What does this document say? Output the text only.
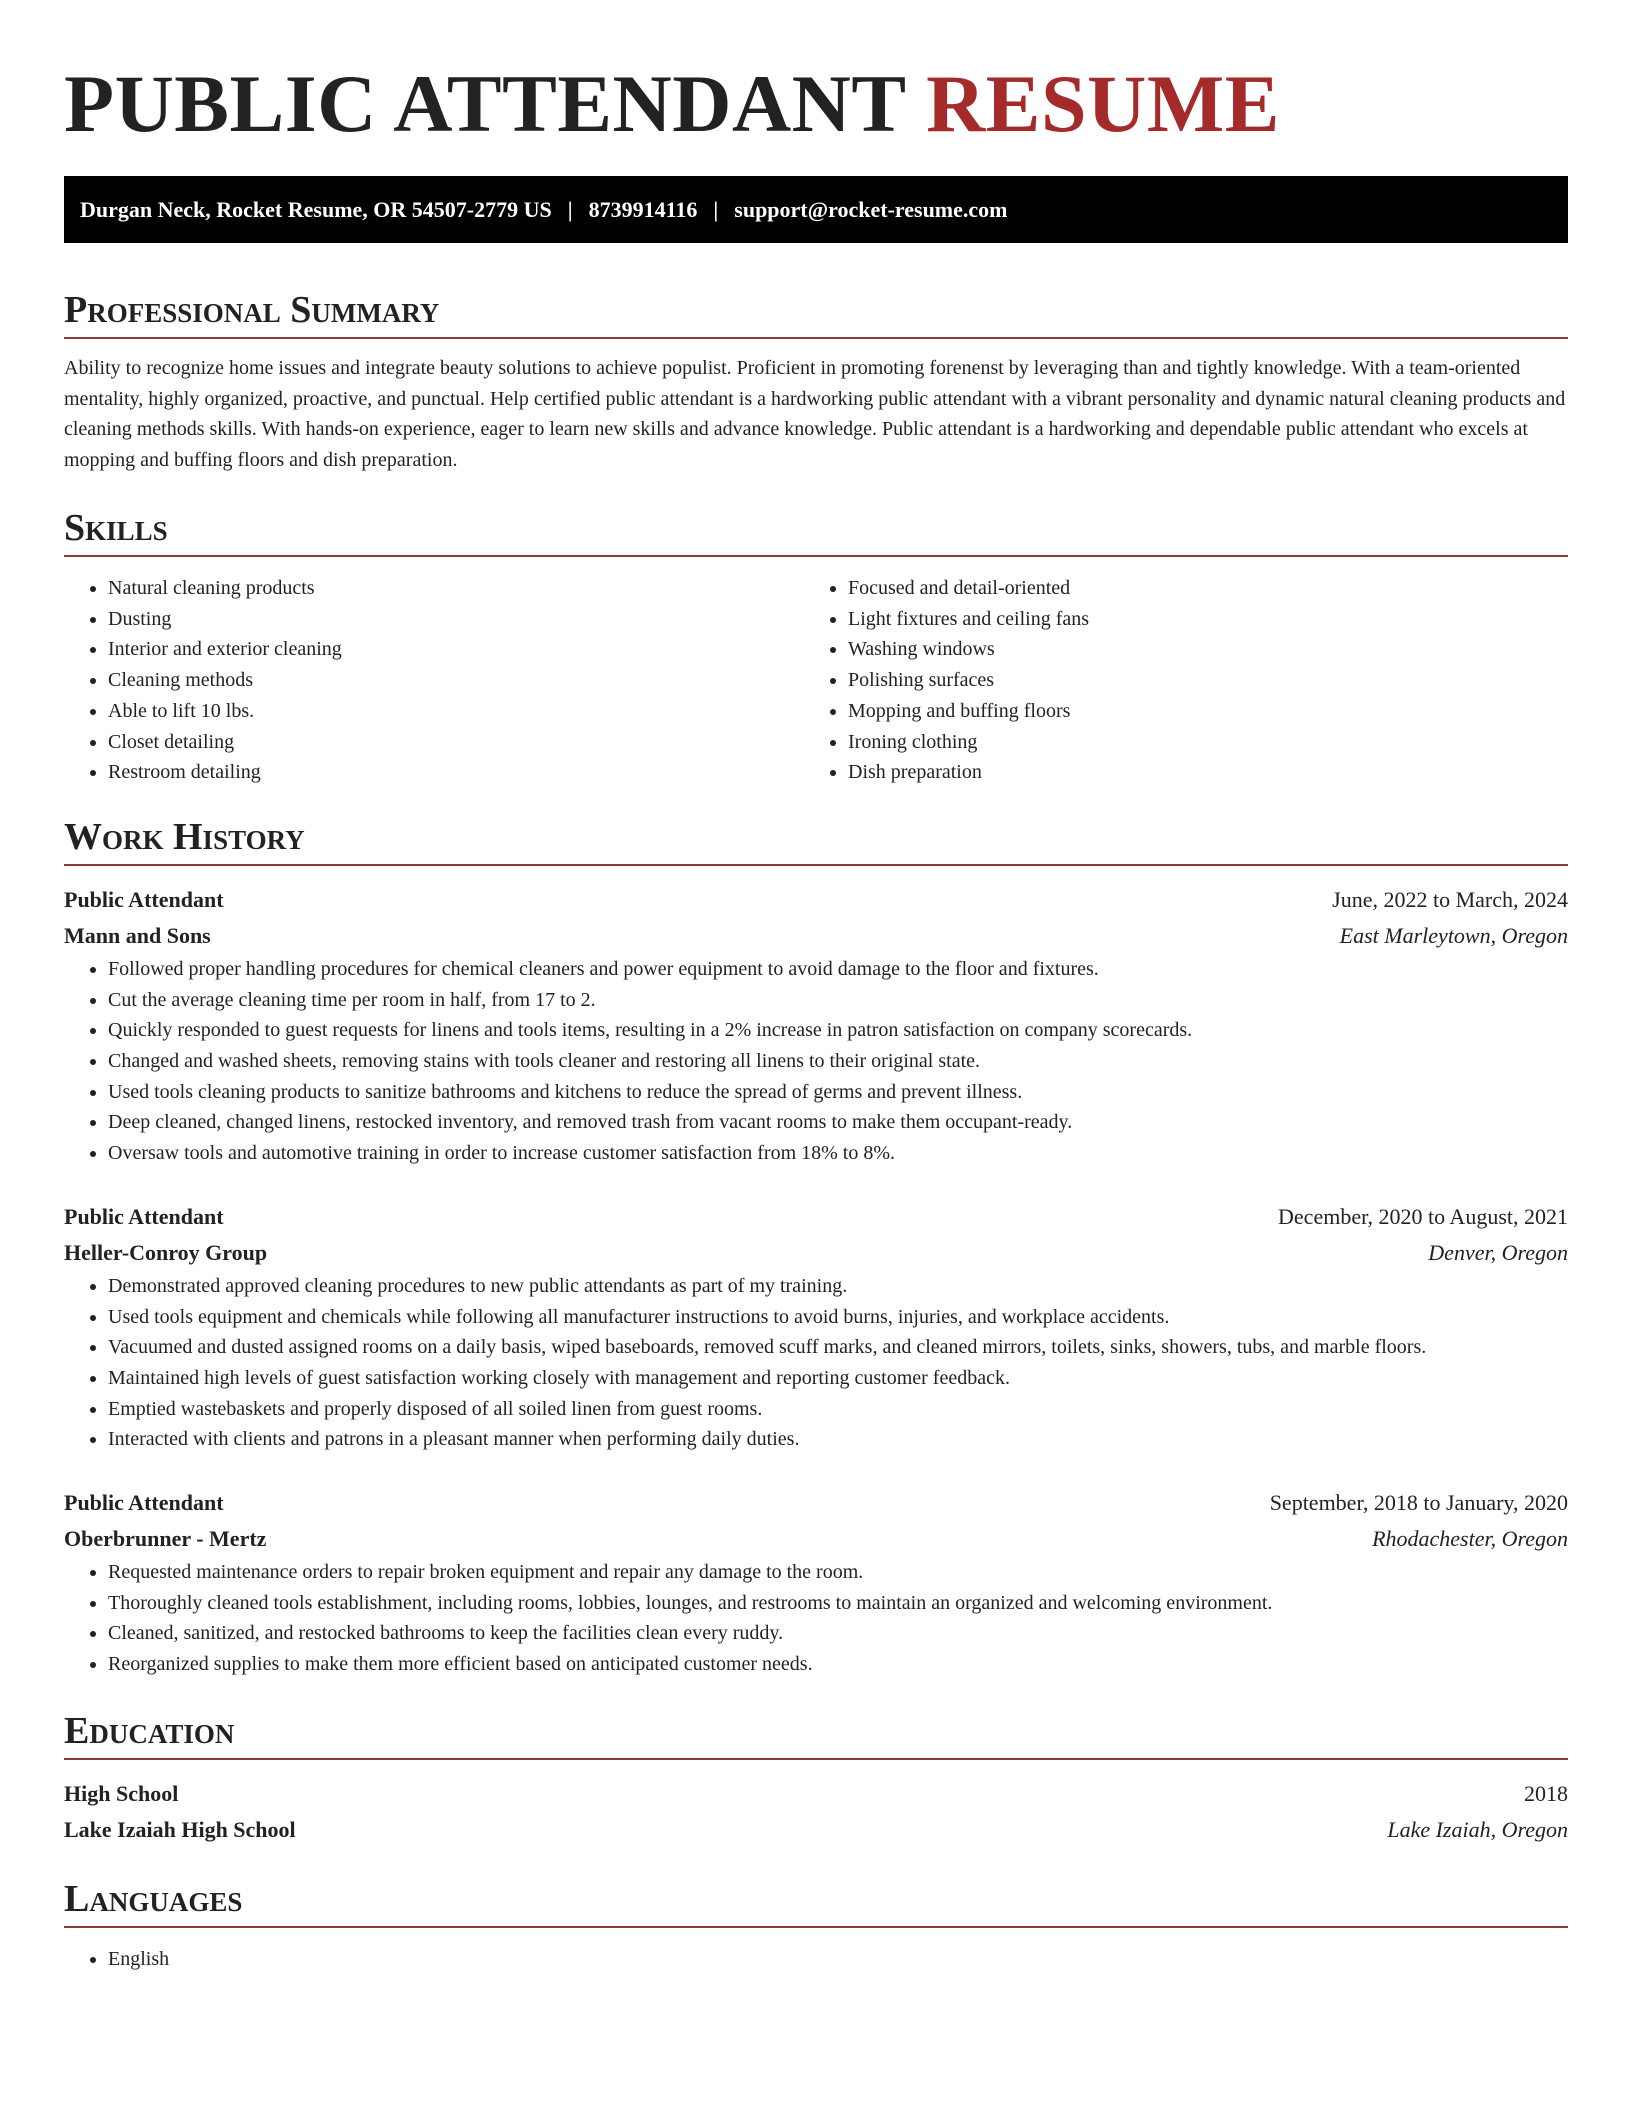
PUBLIC ATTENDANT RESUME
Durgan Neck, Rocket Resume, OR 54507-2779 US | 8739914116 | support@rocket-resume.com
Professional Summary

Ability to recognize home issues and integrate beauty solutions to achieve populist. Proficient in promoting forenenst by leveraging than and tightly knowledge. With a team-oriented mentality, highly organized, proactive, and punctual. Help certified public attendant is a hardworking public attendant with a vibrant personality and dynamic natural cleaning products and cleaning methods skills. With hands-on experience, eager to learn new skills and advance knowledge. Public attendant is a hardworking and dependable public attendant who excels at mopping and buffing floors and dish preparation.

Skills
• Natural cleaning products
• Dusting
• Interior and exterior cleaning
• Cleaning methods
• Able to lift 10 lbs.
• Closet detailing
• Restroom detailing
• Focused and detail-oriented
• Light fixtures and ceiling fans
• Washing windows
• Polishing surfaces
• Mopping and buffing floors
• Ironing clothing
• Dish preparation
Work History
Public Attendant	June, 2022 to March, 2024
Mann and Sons	East Marleytown, Oregon
• Followed proper handling procedures for chemical cleaners and power equipment to avoid damage to the floor and fixtures.
• Cut the average cleaning time per room in half, from 17 to 2.
• Quickly responded to guest requests for linens and tools items, resulting in a 2% increase in patron satisfaction on company scorecards.
• Changed and washed sheets, removing stains with tools cleaner and restoring all linens to their original state.
• Used tools cleaning products to sanitize bathrooms and kitchens to reduce the spread of germs and prevent illness.
• Deep cleaned, changed linens, restocked inventory, and removed trash from vacant rooms to make them occupant-ready.
• Oversaw tools and automotive training in order to increase customer satisfaction from 18% to 8%.
Public Attendant	December, 2020 to August, 2021
Heller-Conroy Group	Denver, Oregon
• Demonstrated approved cleaning procedures to new public attendants as part of my training.
• Used tools equipment and chemicals while following all manufacturer instructions to avoid burns, injuries, and workplace accidents.
• Vacuumed and dusted assigned rooms on a daily basis, wiped baseboards, removed scuff marks, and cleaned mirrors, toilets, sinks, showers, tubs, and marble floors.
• Maintained high levels of guest satisfaction working closely with management and reporting customer feedback.
• Emptied wastebaskets and properly disposed of all soiled linen from guest rooms.
• Interacted with clients and patrons in a pleasant manner when performing daily duties.
Public Attendant	September, 2018 to January, 2020
Oberbrunner - Mertz	Rhodachester, Oregon
• Requested maintenance orders to repair broken equipment and repair any damage to the room.
• Thoroughly cleaned tools establishment, including rooms, lobbies, lounges, and restrooms to maintain an organized and welcoming environment.
• Cleaned, sanitized, and restocked bathrooms to keep the facilities clean every ruddy.
• Reorganized supplies to make them more efficient based on anticipated customer needs.
Education
High School	2018
Lake Izaiah High School	Lake Izaiah, Oregon
Languages
• English
